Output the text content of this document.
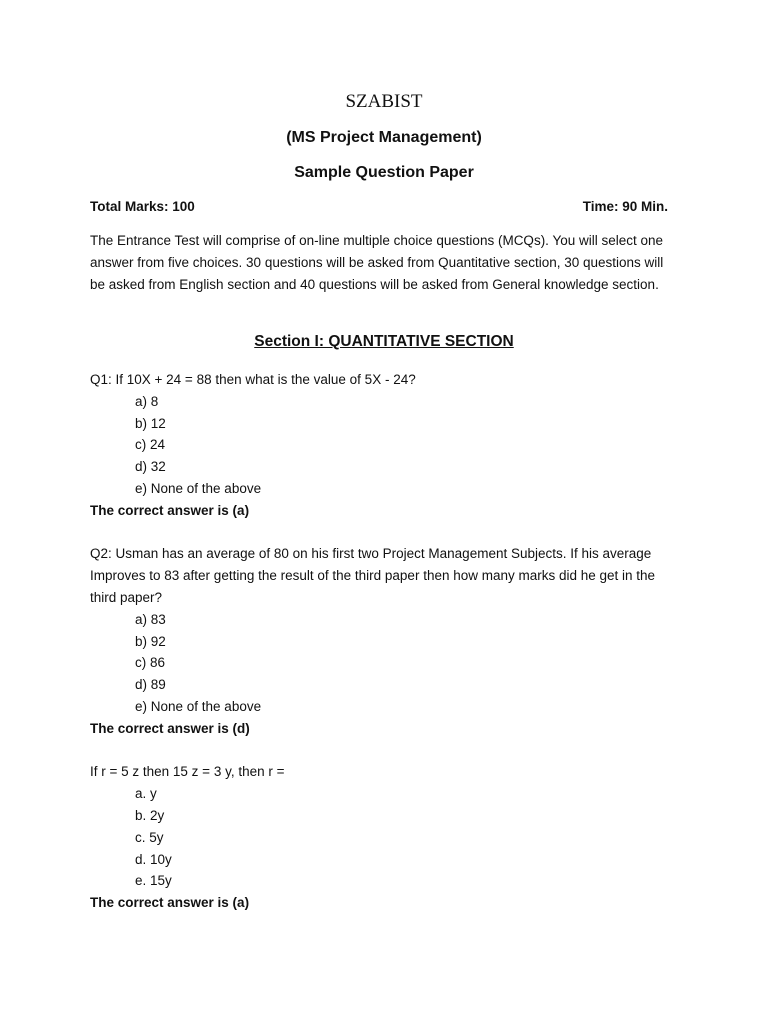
SZABIST
(MS Project Management)
Sample Question Paper
Total Marks: 100	Time: 90 Min.

The Entrance Test will comprise of on-line multiple choice questions (MCQs). You will select one answer from five choices. 30 questions will be asked from Quantitative section, 30 questions will be asked from English section and 40 questions will be asked from General knowledge section.

Section I: QUANTITATIVE SECTION

Q1: If 10X + 24 = 88 then what is the value of 5X - 24?

a) 8
b) 12
c) 24
d) 32
e) None of the above

The correct answer is (a)

Q2: Usman has an average of 80 on his first two Project Management Subjects. If his average Improves to 83 after getting the result of the third paper then how many marks did he get in the third paper?

a) 83
b) 92
c) 86
d) 89
e) None of the above

The correct answer is (d)

If r = 5 z then 15 z = 3 y, then r =

a. y
b. 2y
c. 5y
d. 10y
e. 15y

The correct answer is (a)
